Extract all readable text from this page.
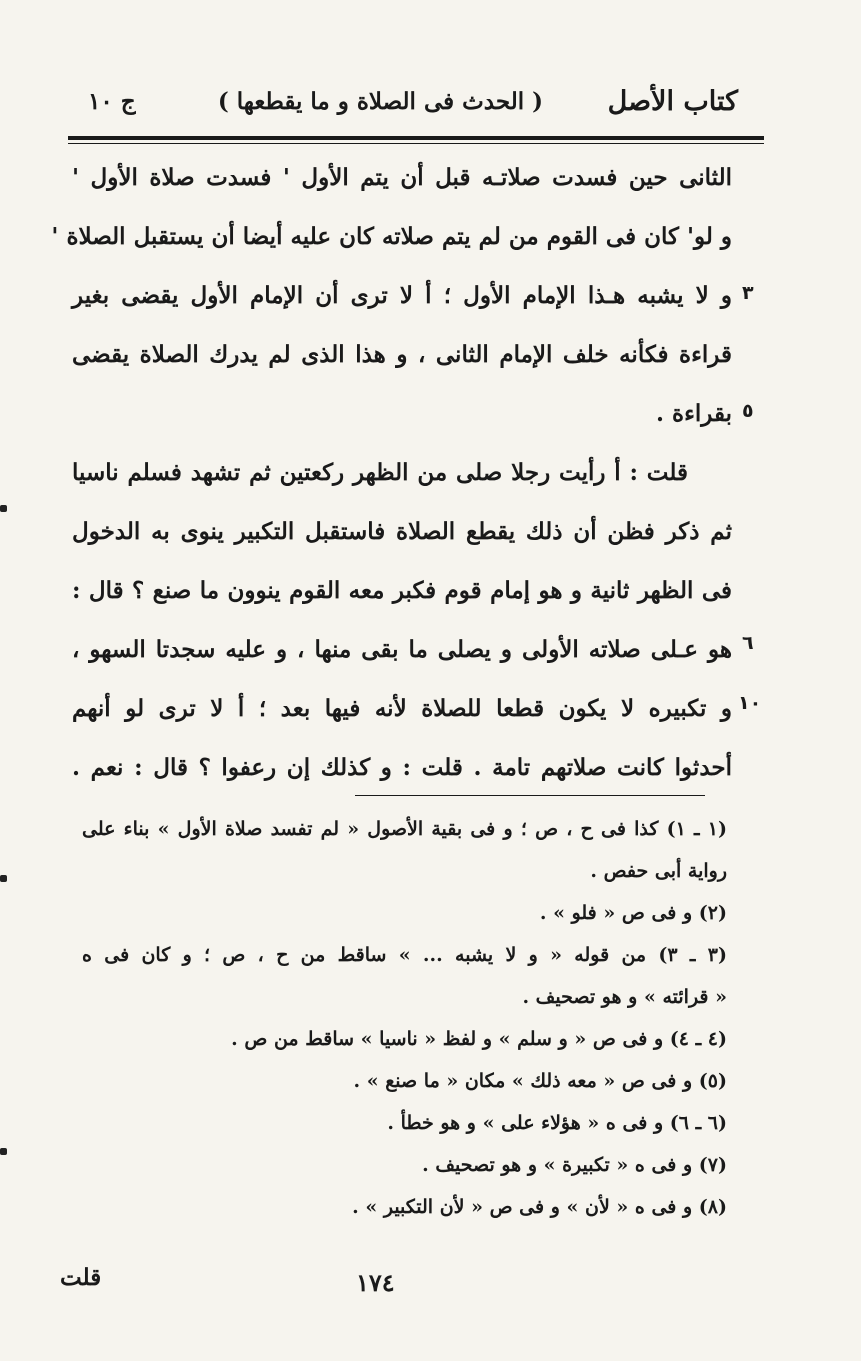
كتاب الأصل
( الحدث فى الصلاة و ما يقطعها )
ج ١٠
الثانى حين فسدت صلاتـه قبل أن يتم الأول ' فسدت صلاة الأول '
و لو' كان فى القوم من لم يتم صلاته كان عليه أيضا أن يستقبل الصلاة '
و لا يشبه هـذا الإمام الأول ؛ أ لا ترى أن الإمام الأول يقضى بغير
قراءة فكأنه خلف الإمام الثانى ، و هذا الذى لم يدرك الصلاة يقضى
بقراءة .
قلت : أ رأيت رجلا صلى من الظهر ركعتين ثم تشهد فسلم ناسيا
ثم ذكر فظن أن ذلك يقطع الصلاة فاستقبل التكبير ينوى به الدخول
فى الظهر ثانية و هو إمام قوم فكبر معه القوم ينوون ما صنع ؟ قال :
هو عـلى صلاته الأولى و يصلى ما بقى منها ، و عليه سجدتا السهو ،
و تكبيره لا يكون قطعا للصلاة لأنه فيها بعد ؛ أ لا ترى لو أنهم
أحدثوا كانت صلاتهم تامة . قلت : و كذلك إن رعفوا ؟ قال : نعم .
٣
٥
٦
١٠
(١ ـ ١) كذا فى ح ، ص ؛ و فى بقية الأصول « لم تفسد صلاة الأول » بناء على
رواية أبى حفص .
(٢) و فى ص « فلو » .
(٣ ـ ٣) من قوله « و لا يشبه ... » ساقط من ح ، ص ؛ و كان فى ه
« قرائته » و هو تصحيف .
(٤ ـ ٤) و فى ص « و سلم » و لفظ « ناسيا » ساقط من ص .
(٥) و فى ص « معه ذلك » مكان « ما صنع » .
(٦ ـ ٦) و فى ه « هؤلاء على » و هو خطأ .
(٧) و فى ه « تكبيرة » و هو تصحيف .
(٨) و فى ه « لأن » و فى ص « لأن التكبير » .
١٧٤
قلت
